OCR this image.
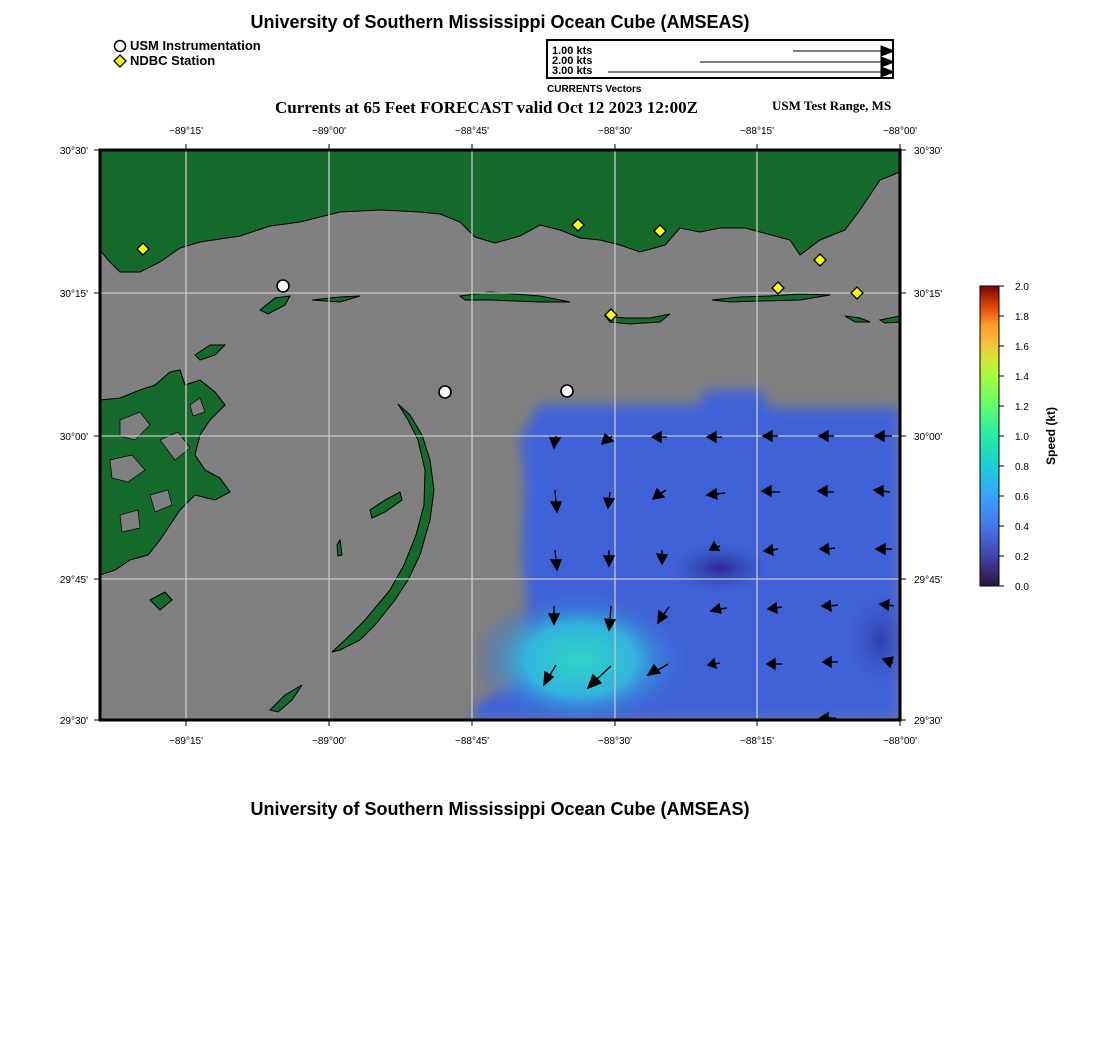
University of Southern Mississippi Ocean Cube (AMSEAS)
USM Instrumentation
NDBC Station
1.00 kts
2.00 kts
3.00 kts
CURRENTS Vectors
Currents at 65 Feet FORECAST valid Oct 12 2023 12:00Z	USM Test Range, MS
−89°15'	−89°00'	−88°45'	−88°30'	−88°15'	−88°00'
−89°15'	−89°00'	−88°45'	−88°30'	−88°15'	−88°00'
30°30'
30°15'
30°00'
29°45'
29°30'
30°30'
30°15'
30°00'
29°45'
29°30'
2.0
1.8
1.6
1.4
1.2
1.0
0.8
0.6
0.4
0.2
0.0
Speed (kt)
University of Southern Mississippi Ocean Cube (AMSEAS)
